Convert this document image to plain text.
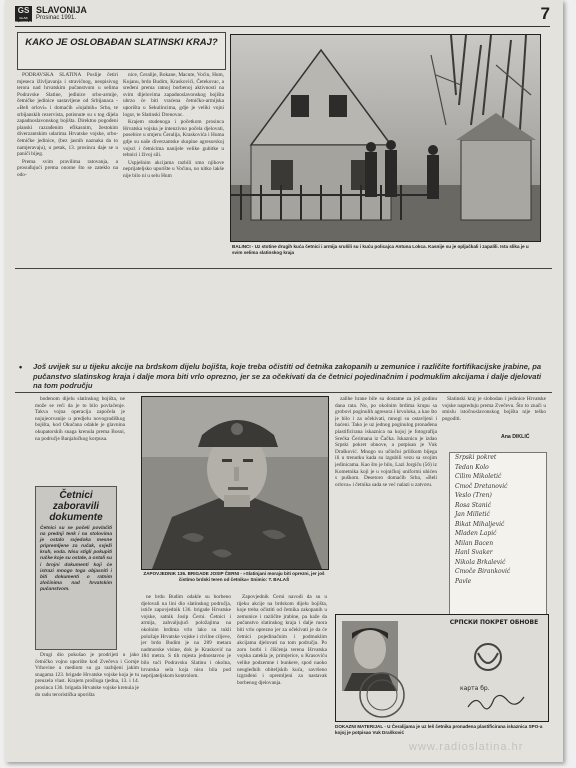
GS
GLAS SLAVONIJE
SLAVONIJA
Prosinac 1991.	7
KAKO JE OSLOBAĐAN SLATINSKI KRAJ?

PODRAVSKA SLATINA Poslije četiri mjeseca iživljavanja i stravičnog, neopisivog terora nad hrvatskim pučanstvom u selima Podravske Slatine, jedinice srbo-armije, četničke jedinice sastavljene od Srbijanaca - »Beli orlovi« i domaćih »lojalnih« Srba, te srbijanskih rezervista, potisnute su s tog dijela zapadnoslavonskog bojišta. Direktno pogođeni planski razrađenim efikasnim, žestokim diverzantskim udarima Hrvatske vojske, srbo-četničke jedinice, (bez jasnih naznaka da to namjeravaju), u petak, 13. prosinca daje se u paniči bijeg.

Prema svim pravilima ratovanja, a prosuđujući prema onome što se zateklo na odo-

nice, Čeralije, Bokane, Macute, Voćin, Hum, Kujanu, brdo Budim, Kraskovići, Četekovac, a sređeni prema ratnoj borbenoj aktivnosti na svim dijelovima zapadnoslavonskog bojišta ubrzo će biti vraćena četničko-armijska uporišta u Sekulincima, gdje je veliki vojni logor, te Slatinski Drenovac.

Krajem studenoga i početkom prosinca Hrvatska vojska je intenzivno počela djelovati, posebice u smjeru Čeralija, Kraskovića i Huma gdje su naše diverzantske skupine agresorskoj vojsci i četnicima nanijele velike gubitke u tehnici i živoj sili.

Uspješnim akcijama razbili smo njihove neprijateljsko uporište u Voćinu, no nitko lakše nije bilo ni u selu Hum

BALINCI - Uz stotine drugih kuća četnici i armija srušili su i kuću policajca Antuna Lokca. Kasnije su je opljačkali i zapalili. Ista slika je u svim selima slatinskog kraja
• Još uvijek su u tijeku akcije na brdskom dijelu bojišta, koje treba očistiti od četnika zakopanih u zemunice i različite fortifikacijske jrabine, pa pučanstvo slatinskog kraja i dalje mora biti vrlo oprezno, jer se za očekivati da će četnici pojedinačnim i podmuklim akcijama i dalje djelovati na tom području

bodenom dijelu slatinskog bojišta, ne može se reći da je to bilo povlačenje. Takva vojna operacija započela je nojujeorvanije u predjelu novogradiškog bojišta, kod Okučana odakle je glavnina okupatorskih snaga krenula prema Bosni, na područje Banjalučkog korpusa.

Četnici zaboravili dokumente
Četnici su se počeli povlačiti na prednji tenk i na stolovima je ostalo svjedoka mesne pripremljene za ručak, svježi kruh, voda. Nisu stigli pokupiti ručke koje su ostale, a ostali su i brojni dokumenti koji će istrazi mnogo toga objasniti i biti dokumenti o ratnim zločinima nad hrvatskim pučanstvom.

Drugi dio pokušao je prodrijeti u jako četničko vojno uporište kod Zvečeva i Gornje Vrhovine a mediom su ga razbijeni jakim snagama 123. brigade Hrvatske vojske koja je tu preuzela vlast. Krajem prošloga tjedna, 13. i 14. prosinca 136. brigada Hrvatske vojske krenula je do radu teroristička uporišta

ZAPOVJEDNIK 136. BRIGADE JOSIP ČERNI - »Slatinjani moraju biti oprezni, jer još čistimo brdski teren od četnika« Snimio: T. BALAŠ

ne brdu Budim odakle su borbeno djelovali na lini dio slatinskog područja, ističe zapovjednik 136. brigade Hrvatske vojske, satnik Josip Černi. Četnici i armija, zahvaljujući položajima na okolnim brdima vrlo lako su tukli položaje Hrvatske vojske i civilne ciljeve, jer brdo Budim je na 289 metara nadmorske visine, dok je Krasković na 184 metra. S tih mjesta jednostavno je bilo tući Podravsku Slatinu i okolna, hrvatska sela koja nisu bila pod neprijateljskom kontrolom.

Zapovjednik Černi navodi da su u tijeku akcije na brdskom dijelu bojišta, koje treba očistiti od četnika zakopanih u zemunice i različite jrabine, pa kaže da pučanstvo slatinskog kraja i dalje mora biti vrlo oprezno jer za očekivati je da će četnici pojedinačnim i podmuklim akcijama djelovati na tom području. Po zoru borbi i čišćenja terena Hrvatska vojska zatekla je, primjerice, u Krasoviću velike podzemne i bunkere, spod naoko neugleđnih obiteljskih kuća, savršeno izgrađeni i opremljeni za nastavak borbenog djelovanja.

zalihe hrane bile su dostatne za još godinu dana rata. No, po okolnim brdima krupu sa grobovi poginulih agresora i krvoloka, a kao što je bilo i za očekivati, mnogi su ostavljeni i baćeni. Tako je uz jednog poginulog pronađena plastificirana iskaznica na kojoj je fotografija Srećka Čerimana iz Čačka. Iskaznicu je izdao Srpski pokret obnove, a potpisan je Vuk Drašković. Mnogo su učinčni prilikom bijega ili u trenutku kada su izgubili vezu sa svojim jedinicama. Kao što je bilo, Lazi Jorgiču (56) iz Kometnika koji je u vojničkoj uniformi uhićen s puškom. Desetoro domaćih Srba, »Beli orlova« i četnika sada se već nalazi u zatvoru.

Slatinski kraj je slobodan i jedinice Hrvatske vojske napreduju prema Zvečevu. Što to znači u smislu istočnoslavonskog bojišta nije teško pogoditi.

Ana DIKLIĆ
Srpski pokret
Tedan Kolo
Cilim Mikoletić
Cmoč Dretanović
Veslo (Tren)
Rosa Stanić
Jan Milletić
Bikat Mihaljević
Mladen Lapić
Milan Bacen
Hanl Svaker
Nikola Brkalević
Cmoče Biranković
Pavle
СРПСКИ ПОКРЕТ ОБНОВЕ
карта бр.
DOKAZNI MATERIJAL - U Čeralijama je uz leš četnika pronađena plastificirana iskaznica SPO-a kojoj je potpisao Vuk Drašković
www.radioslatina.hr
